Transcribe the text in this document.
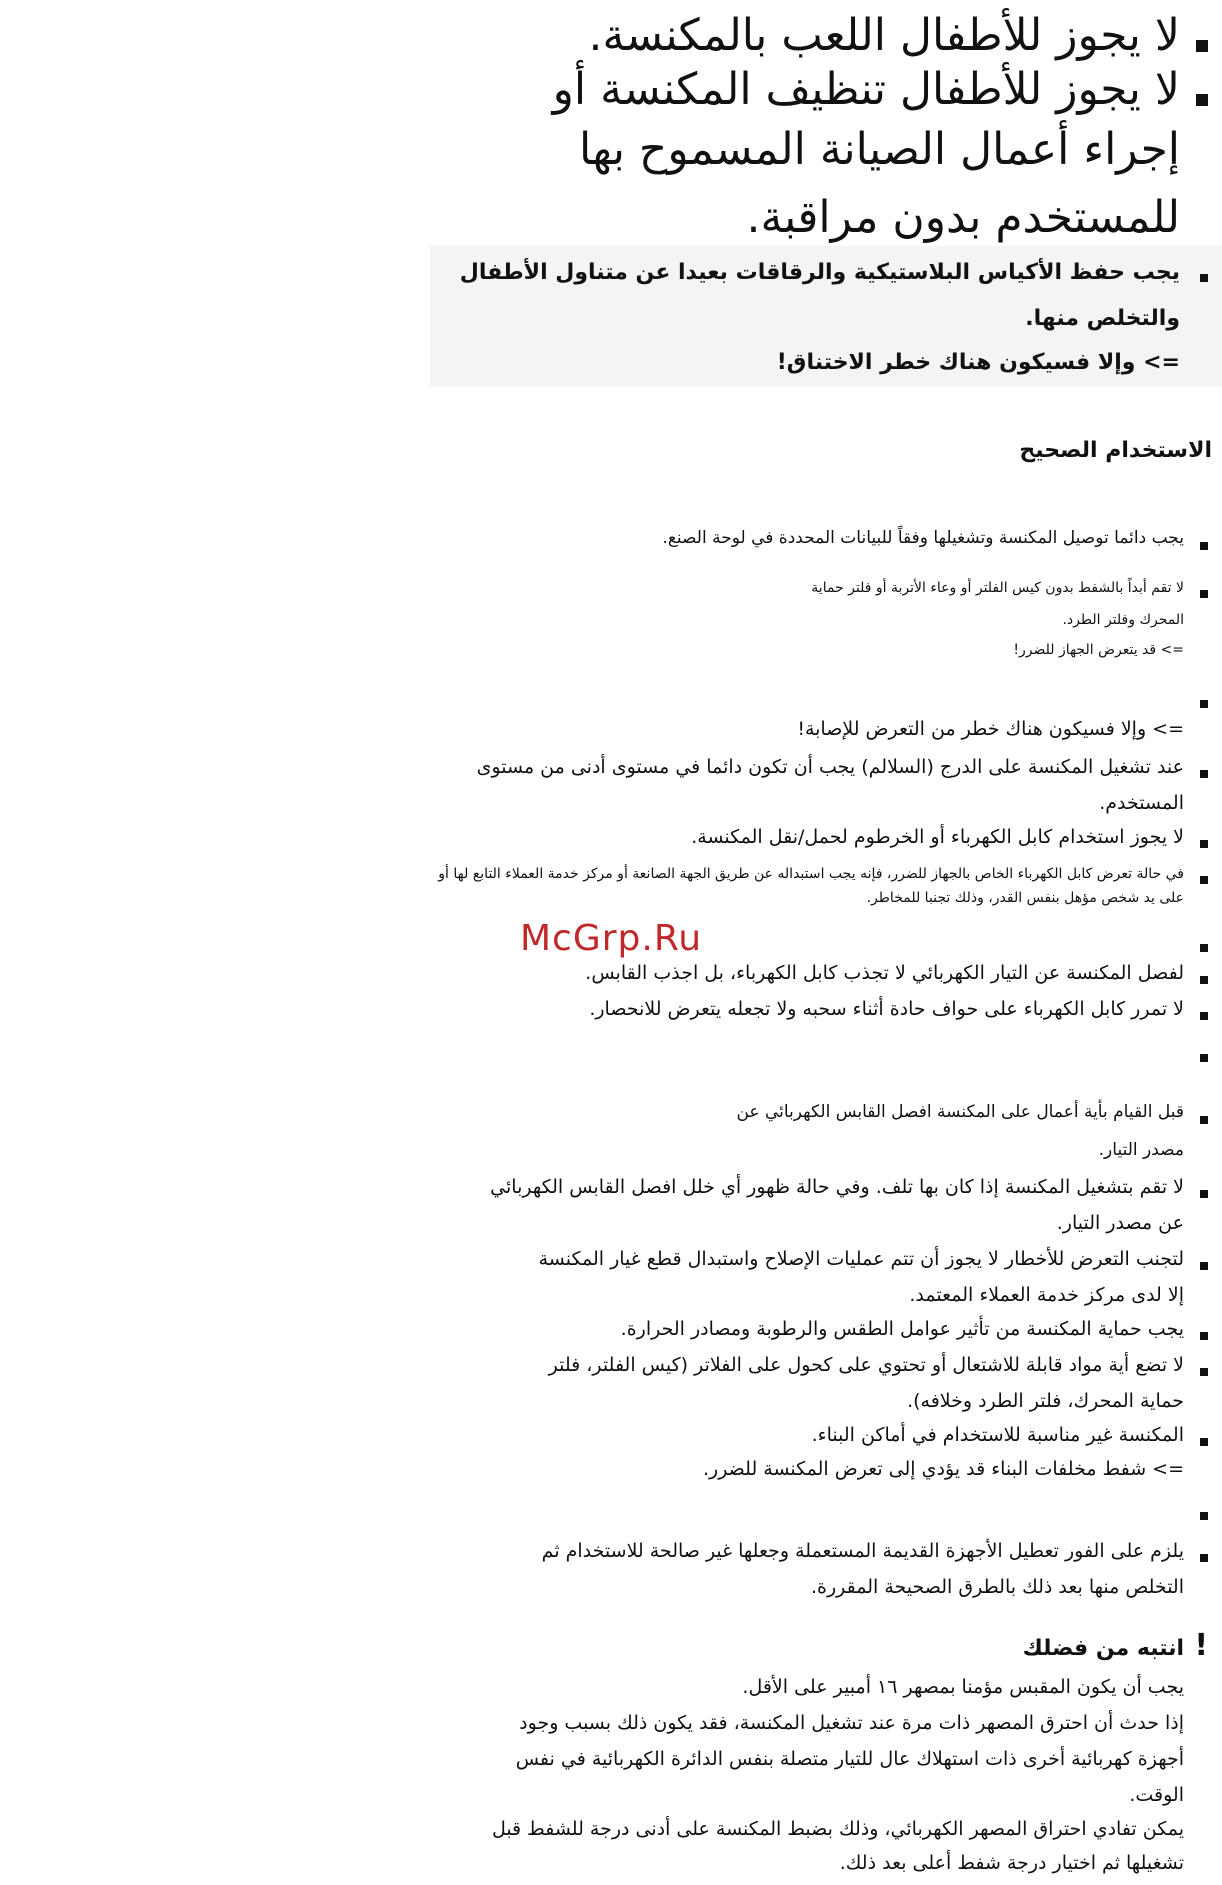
لا يجوز للأطفال اللعب بالمكنسة.
لا يجوز للأطفال تنظيف المكنسة أو
إجراء أعمال الصيانة المسموح بها
للمستخدم بدون مراقبة.
يجب حفظ الأكياس البلاستيكية والرقاقات بعيدا عن متناول الأطفال
والتخلص منها.
=> وإلا فسيكون هناك خطر الاختناق!
الاستخدام الصحيح
يجب دائما توصيل المكنسة وتشغيلها وفقاً للبيانات المحددة في لوحة الصنع.
لا تقم أبداً بالشفط بدون كيس الفلتر أو وعاء الأتربة أو فلتر حماية
المحرك وفلتر الطرد.
=> قد يتعرض الجهاز للضرر!
=> وإلا فسيكون هناك خطر من التعرض للإصابة!
عند تشغيل المكنسة على الدرج (السلالم) يجب أن تكون دائما في مستوى أدنى من مستوى
المستخدم.
لا يجوز استخدام كابل الكهرباء أو الخرطوم لحمل/نقل المكنسة.
في حالة تعرض كابل الكهرباء الخاص بالجهاز للضرر، فإنه يجب استبداله عن طريق الجهة الصانعة أو مركز خدمة العملاء التابع لها أو
على يد شخص مؤهل بنفس القدر، وذلك تجنبا للمخاطر.
لفصل المكنسة عن التيار الكهربائي لا تجذب كابل الكهرباء، بل اجذب القابس.
لا تمرر كابل الكهرباء على حواف حادة أثناء سحبه ولا تجعله يتعرض للانحصار.
قبل القيام بأية أعمال على المكنسة افصل القابس الكهربائي عن
مصدر التيار.
لا تقم بتشغيل المكنسة إذا كان بها تلف. وفي حالة ظهور أي خلل افصل القابس الكهربائي
عن مصدر التيار.
لتجنب التعرض للأخطار لا يجوز أن تتم عمليات الإصلاح واستبدال قطع غيار المكنسة
إلا لدى مركز خدمة العملاء المعتمد.
يجب حماية المكنسة من تأثير عوامل الطقس والرطوبة ومصادر الحرارة.
لا تضع أية مواد قابلة للاشتعال أو تحتوي على كحول على الفلاتر (كيس الفلتر، فلتر
حماية المحرك، فلتر الطرد وخلافه).
المكنسة غير مناسبة للاستخدام في أماكن البناء.
=> شفط مخلفات البناء قد يؤدي إلى تعرض المكنسة للضرر.
يلزم على الفور تعطيل الأجهزة القديمة المستعملة وجعلها غير صالحة للاستخدام ثم
التخلص منها بعد ذلك بالطرق الصحيحة المقررة.
انتبه من فضلك
يجب أن يكون المقبس مؤمنا بمصهر ١٦ أمبير على الأقل.
إذا حدث أن احترق المصهر ذات مرة عند تشغيل المكنسة، فقد يكون ذلك بسبب وجود
أجهزة كهربائية أخرى ذات استهلاك عال للتيار متصلة بنفس الدائرة الكهربائية في نفس
الوقت.
يمكن تفادي احتراق المصهر الكهربائي، وذلك بضبط المكنسة على أدنى درجة للشفط قبل
تشغيلها ثم اختيار درجة شفط أعلى بعد ذلك.
McGrp.Ru
!
